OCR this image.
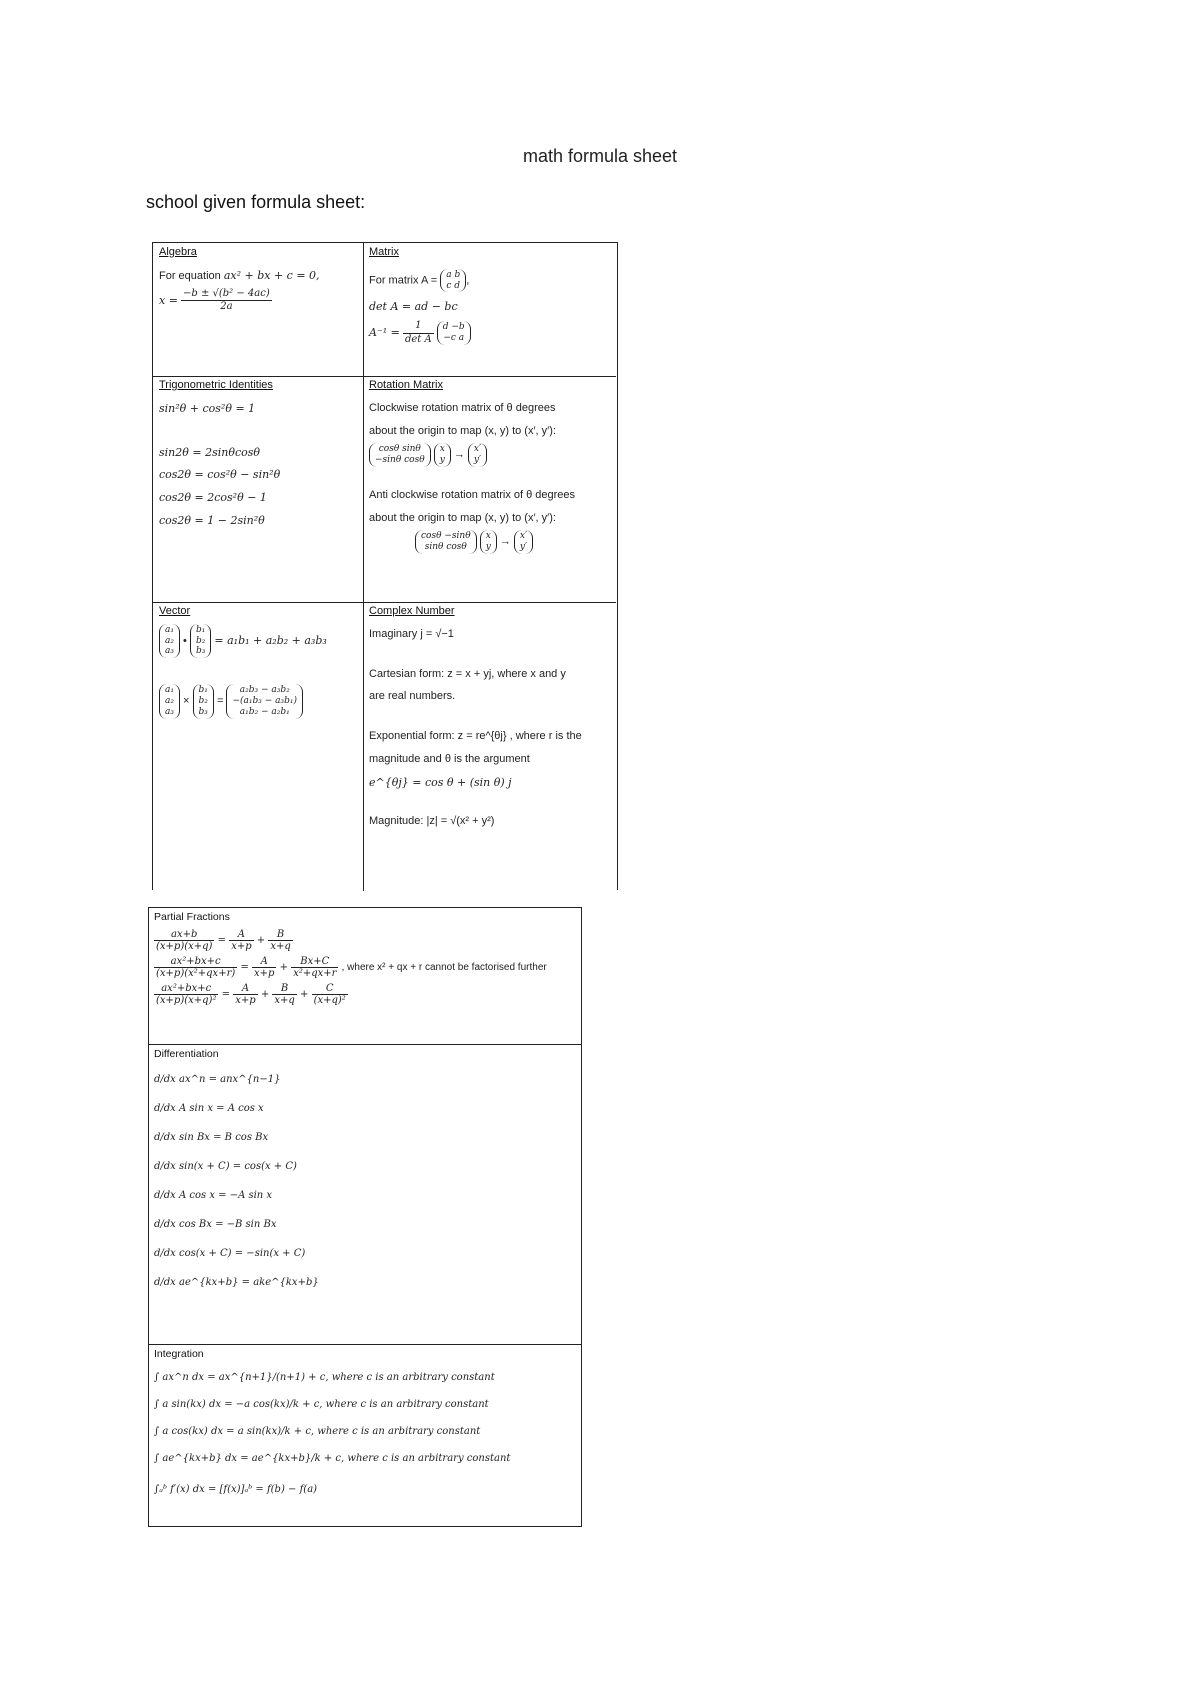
math formula sheet
school given formula sheet:
Algebra
For equation ax² + bx + c = 0,
$x = \frac{\text{−b ± √(b² − 4ac)}}{2a}$
Matrix
For matrix A = a b
c d ,
det A = ad − bc
$A^{-1} = \frac{1}{\text{det A}}$
d −b
−c a
Trigonometric Identities
sin²θ + cos²θ = 1
sin2θ = 2sinθcosθ
cos2θ = cos²θ − sin²θ
cos2θ = 2cos²θ − 1
cos2θ = 1 − 2sin²θ
Rotation Matrix
Clockwise rotation matrix of θ degrees
about the origin to map (x, y) to (x′, y′):
cosθ sinθ
−sinθ cosθ

x
y → x′
y′
Anti clockwise rotation matrix of θ degrees
about the origin to map (x, y) to (x′, y′):
cosθ −sinθ
sinθ cosθ

x
y → x′
y′
Vector
a₁
a₂
a₃
•
b₁
b₂
b₃
= a₁b₁ + a₂b₂ + a₃b₃
a₁
a₂
a₃
×
b₁
b₂
b₃
=
a₂b₃ − a₃b₂
−(a₁b₃ − a₃b₁)
a₁b₂ − a₂b₁
Complex Number
Imaginary j = √−1
Cartesian form: z = x + yj, where x and y
are real numbers.
Exponential form: z = re^{θj} , where r is the
magnitude and θ is the argument
e^{θj} = cos θ + (sin θ) j
Magnitude: |z| = √(x² + y²)
Partial Fractions
$\frac{ax+b}{(x+p)(x+q)} = \frac{A}{x+p} + \frac{B}{x+q}$
$\frac{\text{ax²+bx+c}}{\text{(x+p)(x²+qx+r)}} = \frac{A}{x+p} + \frac{Bx+C}{\text{x²+qx+r}}$ , where x² + qx + r cannot be factorised further
$\frac{\text{ax²+bx+c}}{\text{(x+p)(x+q)²}} = \frac{A}{x+p} + \frac{B}{x+q} + \frac{C}{\text{(x+q)²}}$
Differentiation
d/dx ax^n = anx^{n−1}
d/dx A sin x = A cos x
d/dx sin Bx = B cos Bx
d/dx sin(x + C) = cos(x + C)
d/dx A cos x = −A sin x
d/dx cos Bx = −B sin Bx
d/dx cos(x + C) = −sin(x + C)
d/dx ae^{kx+b} = ake^{kx+b}
Integration
∫ ax^n dx = ax^{n+1}/(n+1) + c, where c is an arbitrary constant
∫ a sin(kx) dx = −a cos(kx)/k + c, where c is an arbitrary constant
∫ a cos(kx) dx = a sin(kx)/k + c, where c is an arbitrary constant
∫ ae^{kx+b} dx = ae^{kx+b}/k + c, where c is an arbitrary constant
∫ₐᵇ f′(x) dx = [f(x)]ₐᵇ = f(b) − f(a)
